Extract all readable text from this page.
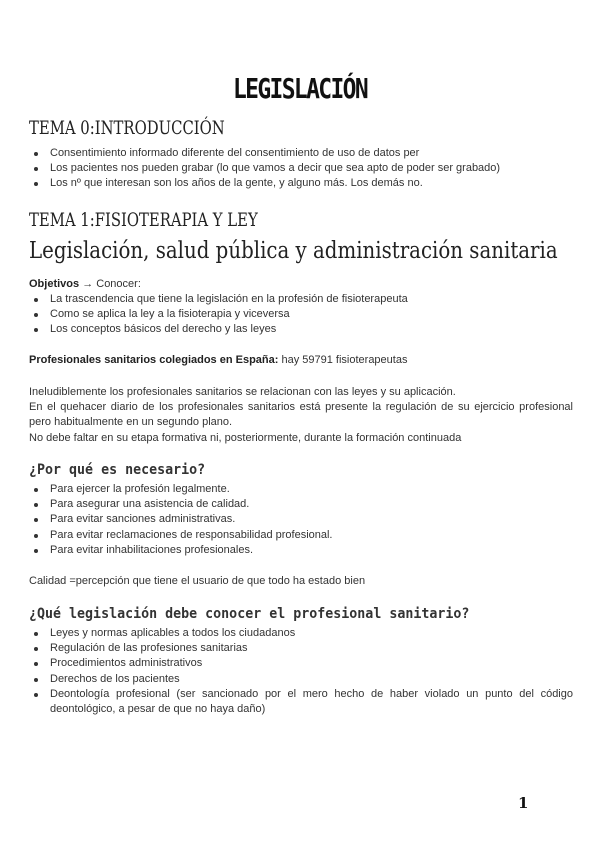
LEGISLACIÓN
TEMA 0:INTRODUCCIÓN
Consentimiento informado diferente del consentimiento de uso de datos per
Los pacientes nos pueden grabar (lo que vamos a decir que sea apto de poder ser grabado)
Los nº que interesan son los años de la gente, y alguno más. Los demás no.
TEMA 1:FISIOTERAPIA Y LEY
Legislación, salud pública y administración sanitaria
Objetivos → Conocer:
La trascendencia que tiene la legislación en la profesión de fisioterapeuta
Como se aplica la ley a la fisioterapia y viceversa
Los conceptos básicos del derecho y las leyes
Profesionales sanitarios colegiados en España: hay 59791 fisioterapeutas
Ineludiblemente los profesionales sanitarios se relacionan con las leyes y su aplicación.
En el quehacer diario de los profesionales sanitarios está presente la regulación de su ejercicio profesional pero habitualmente en un segundo plano.
No debe faltar en su etapa formativa ni, posteriormente, durante la formación continuada
¿Por qué es necesario?
Para ejercer la profesión legalmente.
Para asegurar una asistencia de calidad.
Para evitar sanciones administrativas.
Para evitar reclamaciones de responsabilidad profesional.
Para evitar inhabilitaciones profesionales.
Calidad =percepción que tiene el usuario de que todo ha estado bien
¿Qué legislación debe conocer el profesional sanitario?
Leyes y normas aplicables a todos los ciudadanos
Regulación de las profesiones sanitarias
Procedimientos administrativos
Derechos de los pacientes
Deontología profesional (ser sancionado por el mero hecho de haber violado un punto del código deontológico, a pesar de que no haya daño)
1
